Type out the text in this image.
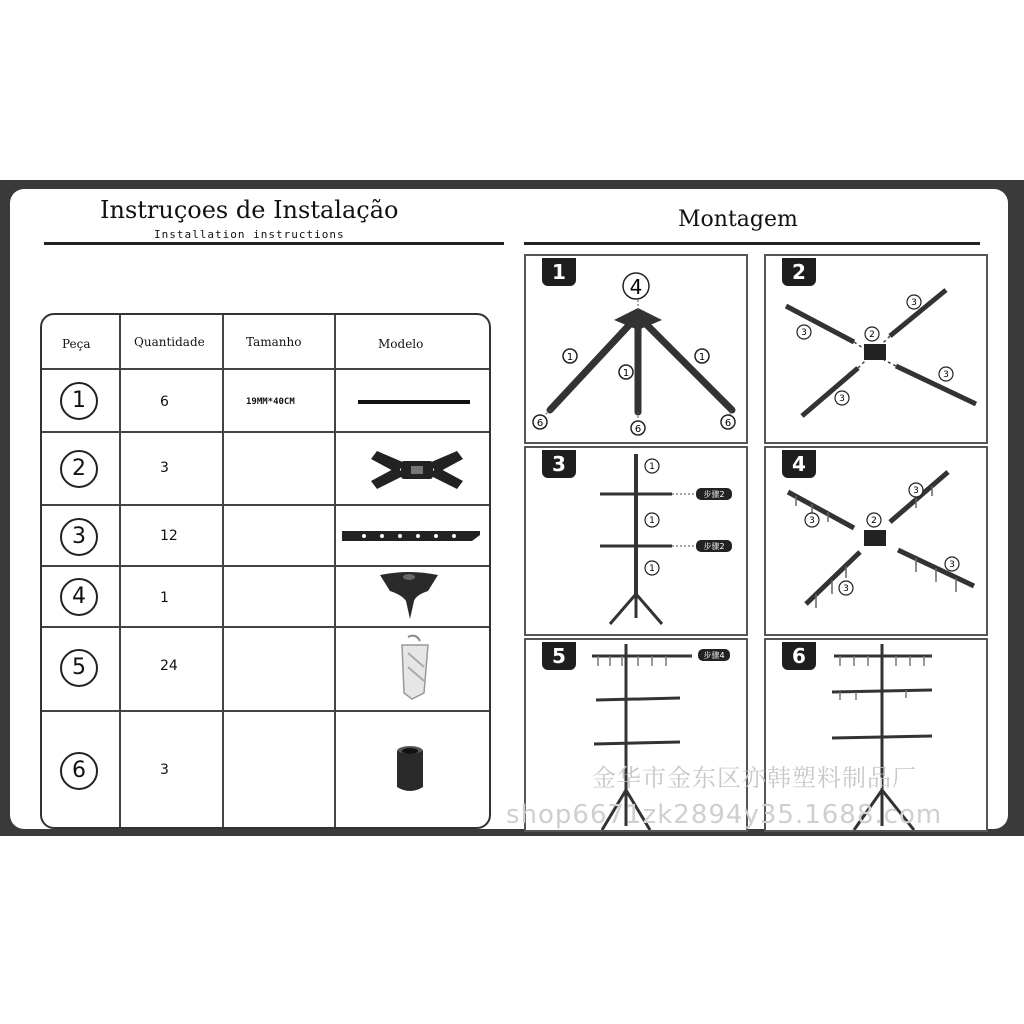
Instruçoes de Instalação
Installation instructions
Montagem
Peça	Quantidade	Tamanho	Modelo
1	6	19MM*40CM
2	3
3	12
4	1
5	24
6	3
1
4
1
1
1
6
6
6
2
3
3	2
3
3
3
步骤2
步骤2
1
1
1
4
3
3	2
3
3
5	步骤4	6
金华市金东区亦韩塑料制品厂
shop6671zk2894y35.1688.com
